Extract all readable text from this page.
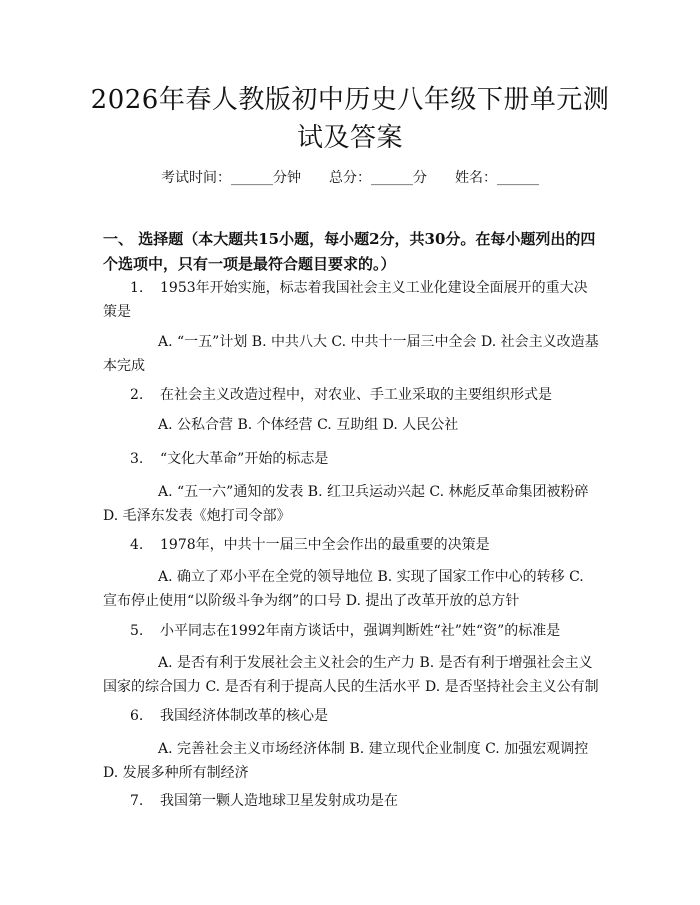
2026年春人教版初中历史八年级下册单元测
试及答案
考试时间：______分钟　　总分：______分　　姓名：______
一、 选择题（本大题共15小题，每小题2分，共30分。在每小题列出的四个选项中，只有一项是最符合题目要求的。）
1. 1953年开始实施，标志着我国社会主义工业化建设全面展开的重大决策是
A. “一五”计划 B. 中共八大 C. 中共十一届三中全会 D. 社会主义改造基本完成
2. 在社会主义改造过程中，对农业、手工业采取的主要组织形式是
A. 公私合营 B. 个体经营 C. 互助组 D. 人民公社
3. “文化大革命”开始的标志是
A. “五一六”通知的发表 B. 红卫兵运动兴起 C. 林彪反革命集团被粉碎 D. 毛泽东发表《炮打司令部》
4. 1978年，中共十一届三中全会作出的最重要的决策是
A. 确立了邓小平在全党的领导地位 B. 实现了国家工作中心的转移 C. 宣布停止使用“以阶级斗争为纲”的口号 D. 提出了改革开放的总方针
5. 小平同志在1992年南方谈话中，强调判断姓“社”姓“资”的标准是
A. 是否有利于发展社会主义社会的生产力 B. 是否有利于增强社会主义国家的综合国力 C. 是否有利于提高人民的生活水平 D. 是否坚持社会主义公有制
6. 我国经济体制改革的核心是
A. 完善社会主义市场经济体制 B. 建立现代企业制度 C. 加强宏观调控 D. 发展多种所有制经济
7. 我国第一颗人造地球卫星发射成功是在
